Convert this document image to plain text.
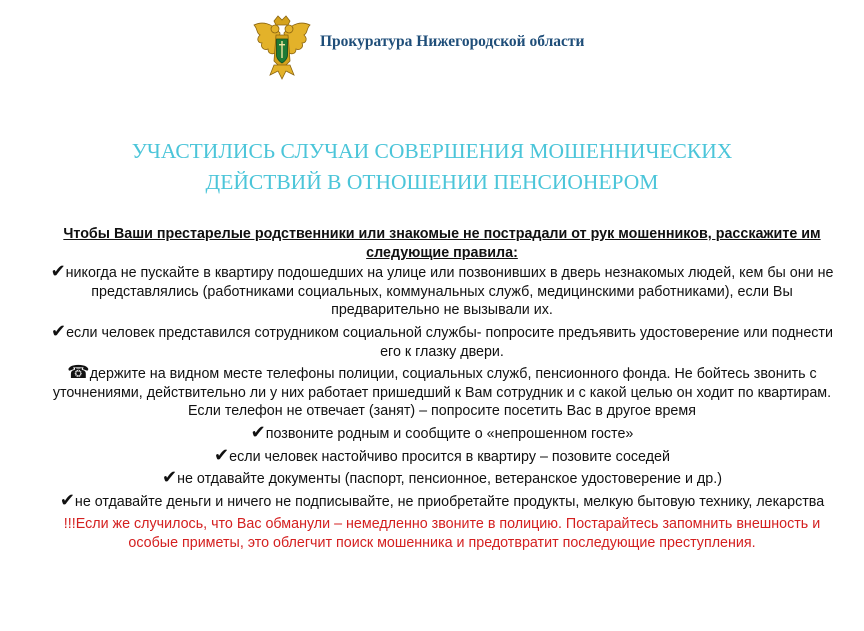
Прокуратура Нижегородской области
УЧАСТИЛИСЬ СЛУЧАИ СОВЕРШЕНИЯ МОШЕННИЧЕСКИХ
ДЕЙСТВИЙ В ОТНОШЕНИИ ПЕНСИОНЕРОМ
Чтобы Ваши престарелые родственники или знакомые не пострадали от рук мошенников, расскажите им следующие правила:
✔никогда не пускайте в квартиру подошедших на улице или позвонивших в дверь незнакомых людей, кем бы они не представлялись (работниками социальных, коммунальных служб, медицинскими работниками), если Вы предварительно не вызывали их.
✔если человек представился сотрудником социальной службы- попросите предъявить удостоверение или поднести его к глазку двери.
☎держите на видном месте телефоны полиции, социальных служб, пенсионного фонда. Не бойтесь звонить с уточнениями, действительно ли у них работает пришедший к Вам сотрудник и с какой целью он ходит по квартирам. Если телефон не отвечает (занят) – попросите посетить Вас в другое время
✔позвоните родным и сообщите о «непрошенном госте»
✔если человек настойчиво просится в квартиру – позовите соседей
✔не отдавайте документы (паспорт, пенсионное, ветеранское удостоверение и др.)
✔не отдавайте деньги и ничего не подписывайте, не приобретайте продукты, мелкую бытовую технику, лекарства
!!!Если же случилось, что Вас обманули – немедленно звоните в полицию. Постарайтесь запомнить внешность и особые приметы, это облегчит поиск мошенника и предотвратит последующие преступления.
